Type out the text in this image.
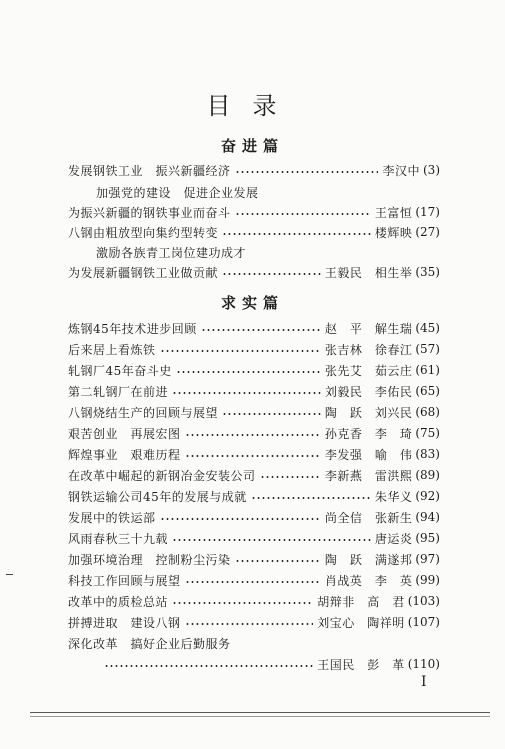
目录
奋进篇
发展钢铁工业　振兴新疆经济	李汉中 (3)
加强党的建设　促进企业发展
为振兴新疆的钢铁事业而奋斗	王富恒 (17)
八钢由粗放型向集约型转变	楼辉映 (27)
激励各族青工岗位建功成才
为发展新疆钢铁工业做贡献	王毅民　相生举 (35)
求实篇
炼钢45年技术进步回顾	赵　平　解生瑞 (45)
后来居上看炼铁	张吉林　徐春江 (57)
轧钢厂45年奋斗史	张先艾　茹云庄 (61)
第二轧钢厂在前进	刘毅民　李佑民 (65)
八钢烧结生产的回顾与展望	陶　跃　刘兴民 (68)
艰苦创业　再展宏图	孙克香　李　琦 (75)
辉煌事业　艰难历程	李发强　喻　伟 (83)
在改革中崛起的新钢冶金安装公司	李新燕　雷洪熙 (89)
钢铁运输公司45年的发展与成就	朱华义 (92)
发展中的铁运部	尚全信　张新生 (94)
风雨春秋三十九载	唐运炎 (95)
加强环境治理　控制粉尘污染	陶　跃　满遂邦 (97)
科技工作回顾与展望	肖战英　李　英 (99)
改革中的质检总站	胡辩非　高　君 (103)
拼搏进取　建设八钢	刘宝心　陶祥明 (107)
深化改革　搞好企业后勤服务
王国民　彭　革 (110)
I
